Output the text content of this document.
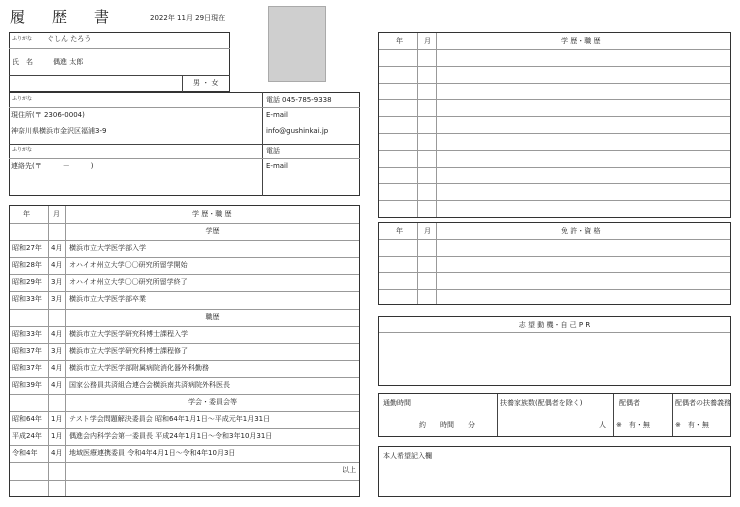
履　歴　書	2022年 11月 29日現在
ふりがな ぐしん たろう
氏　名	偶進 太郎
男 ・ 女
ふりがな
現住所(〒 2306-0004)
神奈川県横浜市金沢区福浦3-9
電話 045-785-9338
E-mail
info@gushinkai.jp
ふりがな
連絡先(〒　　　－　　　)
電話
E-mail
年	月	学 歴・職 歴
学歴
昭和27年 4月 横浜市立大学医学部入学
昭和28年 4月 オハイオ州立大学〇〇研究所留学開始
昭和29年 3月 オハイオ州立大学〇〇研究所留学終了
昭和33年 3月 横浜市立大学医学部卒業
職歴
昭和33年 4月 横浜市立大学医学研究科博士課程入学
昭和37年 3月 横浜市立大学医学研究科博士課程修了
昭和37年 4月 横浜市立大学医学部附属病院消化器外科勤務
昭和39年 4月 国家公務員共済組合連合会横浜南共済病院外科医長
学会・委員会等
昭和64年 1月 テスト学会問題解決委員会 昭和64年1月1日～平成元年1月31日
平成24年 1月 偶進会内科学会第一委員長 平成24年1月1日～令和3年10月31日
令和4年 4月 地域医療連携委員 令和4年4月1日～令和4年10月3日
以上
年	月	学 歴・職 歴
年	月	免 許・資 格
志 望 動 機・自 己 P R
通勤時間
約　　時間　　分
扶養家族数(配偶者を除く)
人
配偶者
※　有・無
配偶者の扶養義務
※　有・無
本人希望記入欄
